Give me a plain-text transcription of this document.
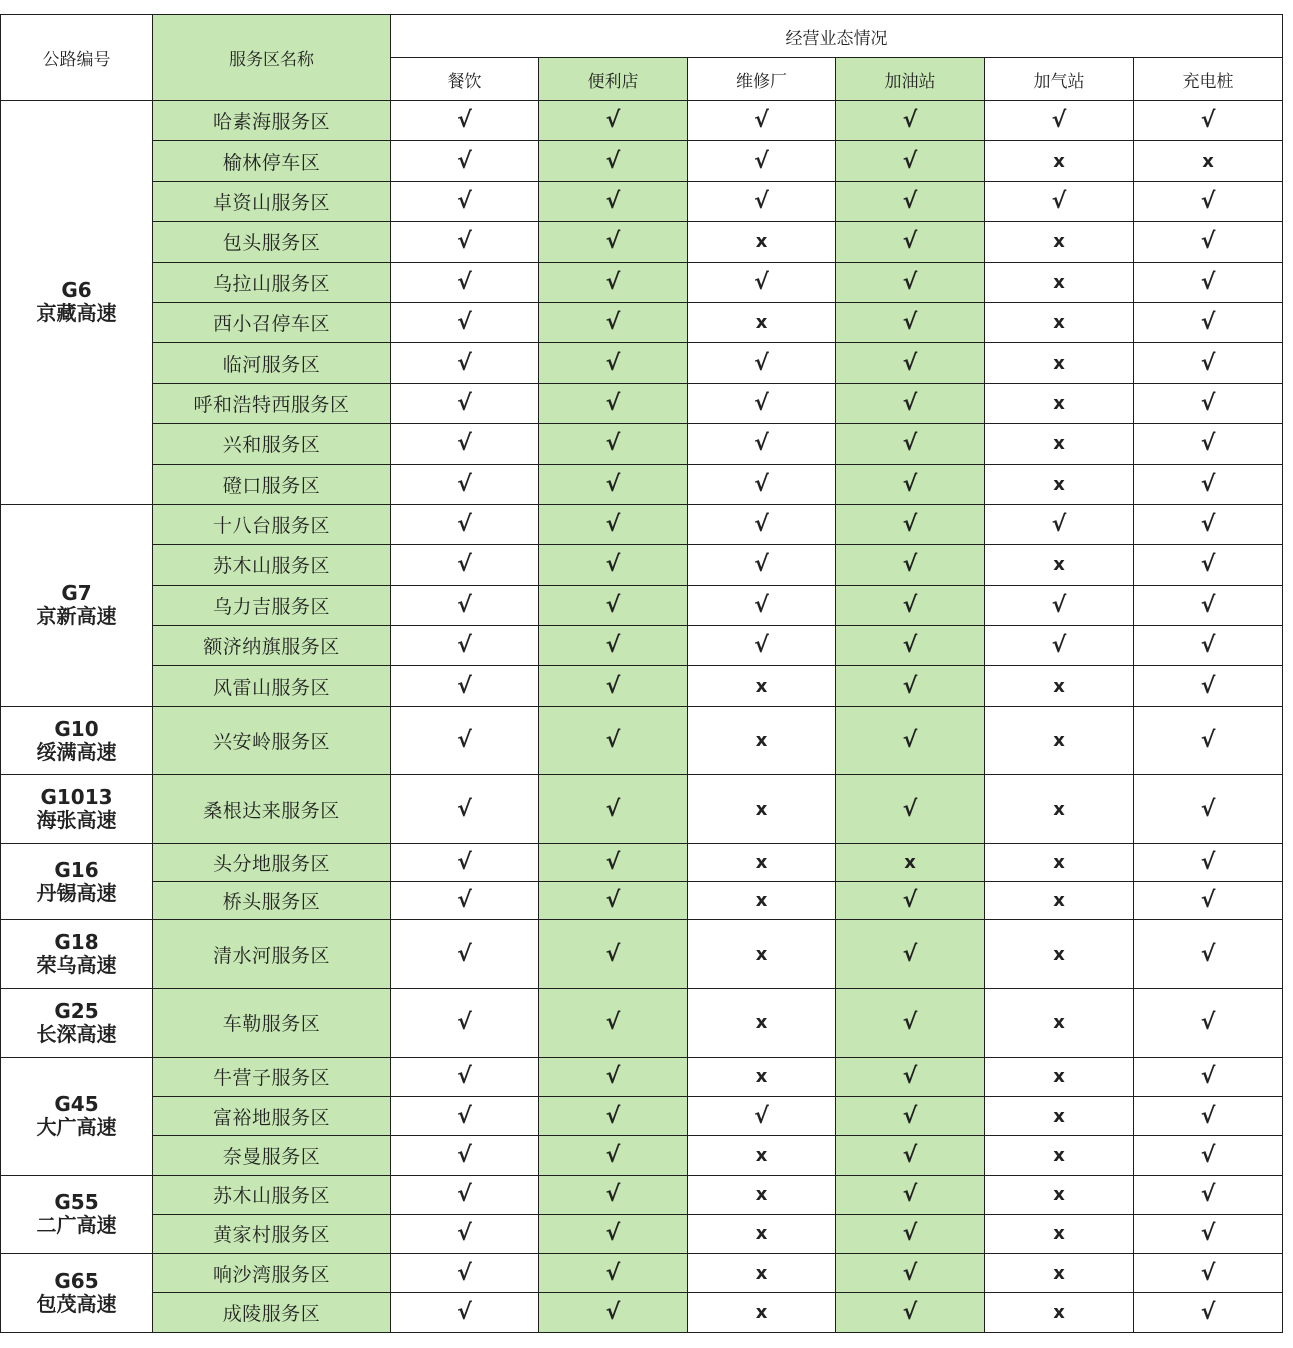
公路编号	服务区名称	经营业态情况					
		餐饮	便利店	维修厂	加油站	加气站	充电桩

G6
京藏高速	哈素海服务区	√	√	√	√	√	√
	榆林停车区	√	√	√	√	x	x
	卓资山服务区	√	√	√	√	√	√
	包头服务区	√	√	x	√	x	√
	乌拉山服务区	√	√	√	√	x	√
	西小召停车区	√	√	x	√	x	√
	临河服务区	√	√	√	√	x	√
	呼和浩特西服务区	√	√	√	√	x	√
	兴和服务区	√	√	√	√	x	√
	磴口服务区	√	√	√	√	x	√

G7
京新高速	十八台服务区	√	√	√	√	√	√
	苏木山服务区	√	√	√	√	x	√
	乌力吉服务区	√	√	√	√	√	√
	额济纳旗服务区	√	√	√	√	√	√
	风雷山服务区	√	√	x	√	x	√

G10
绥满高速	兴安岭服务区	√	√	x	√	x	√

G1013
海张高速	桑根达来服务区	√	√	x	√	x	√

G16
丹锡高速	头分地服务区	√	√	x	x	x	√
	桥头服务区	√	√	x	√	x	√

G18
荣乌高速	清水河服务区	√	√	x	√	x	√

G25
长深高速	车勒服务区	√	√	x	√	x	√

G45
大广高速	牛营子服务区	√	√	x	√	x	√
	富裕地服务区	√	√	√	√	x	√
	奈曼服务区	√	√	x	√	x	√

G55
二广高速	苏木山服务区	√	√	x	√	x	√
	黄家村服务区	√	√	x	√	x	√

G65
包茂高速	响沙湾服务区	√	√	x	√	x	√
	成陵服务区	√	√	x	√	x	√
